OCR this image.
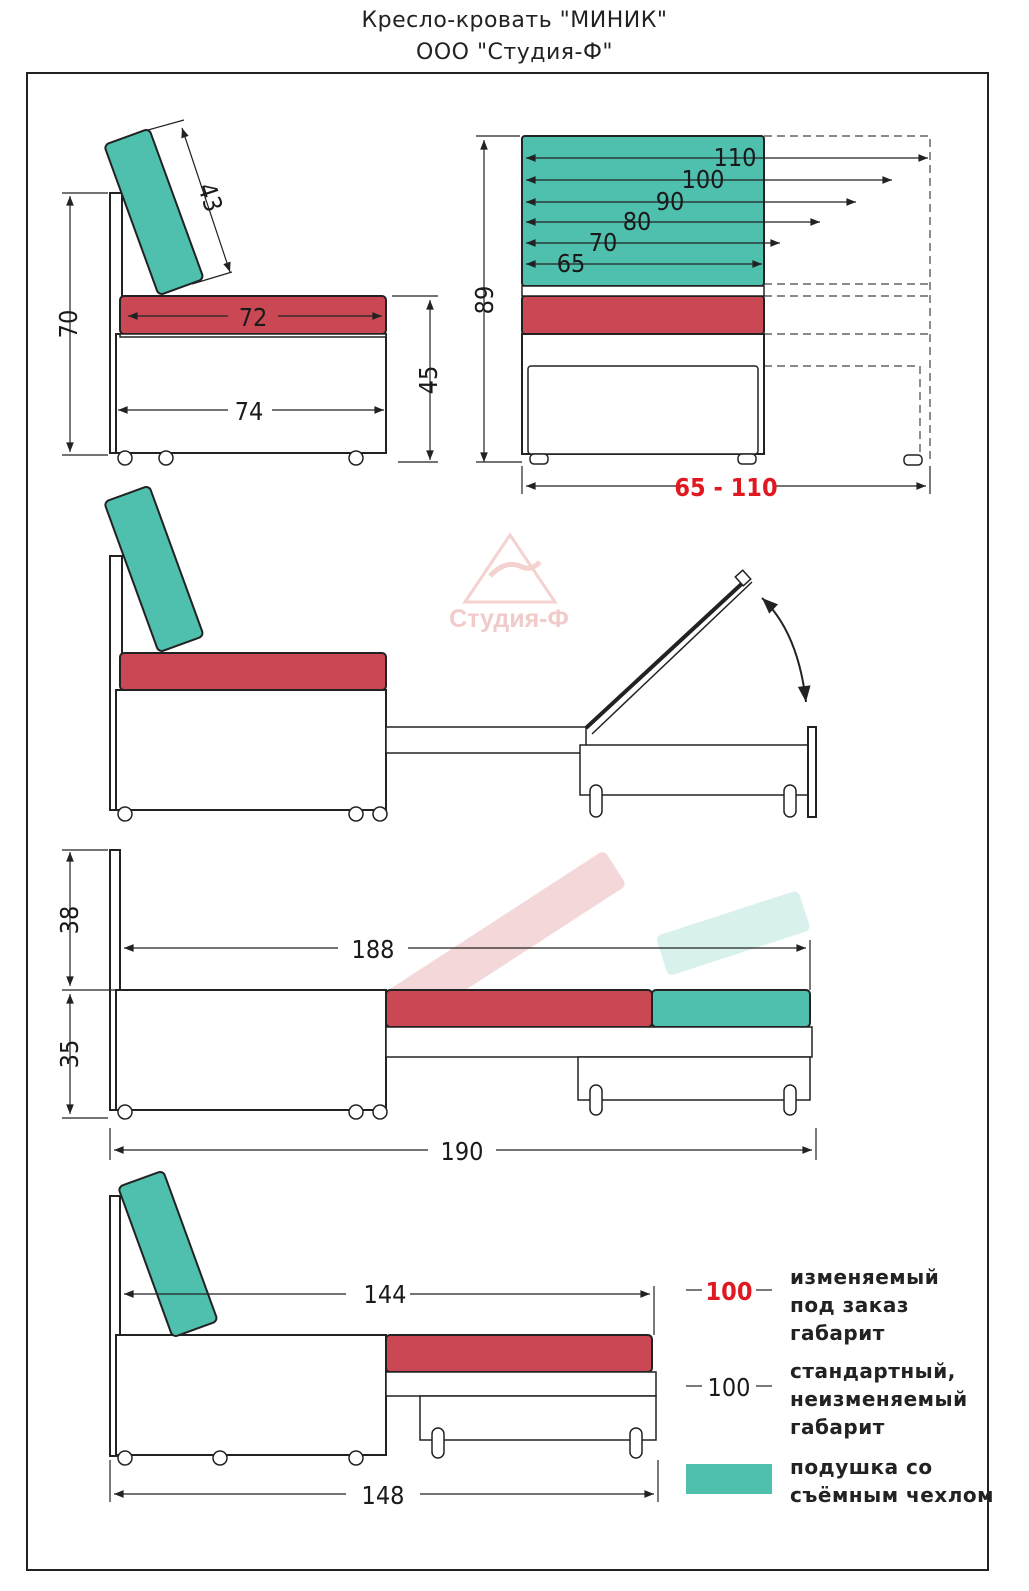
Кресло-кровать "МИНИК"
ООО "Студия-Ф"
70	72
74
45
43
110
100
90
80
70
65
89
65 - 110
Студия-Ф
38
35
188
190
144
148
100 изменяемый
под заказ
габарит
100
стандартный,
неизменяемый
габарит
подушка со
съёмным чехлом
